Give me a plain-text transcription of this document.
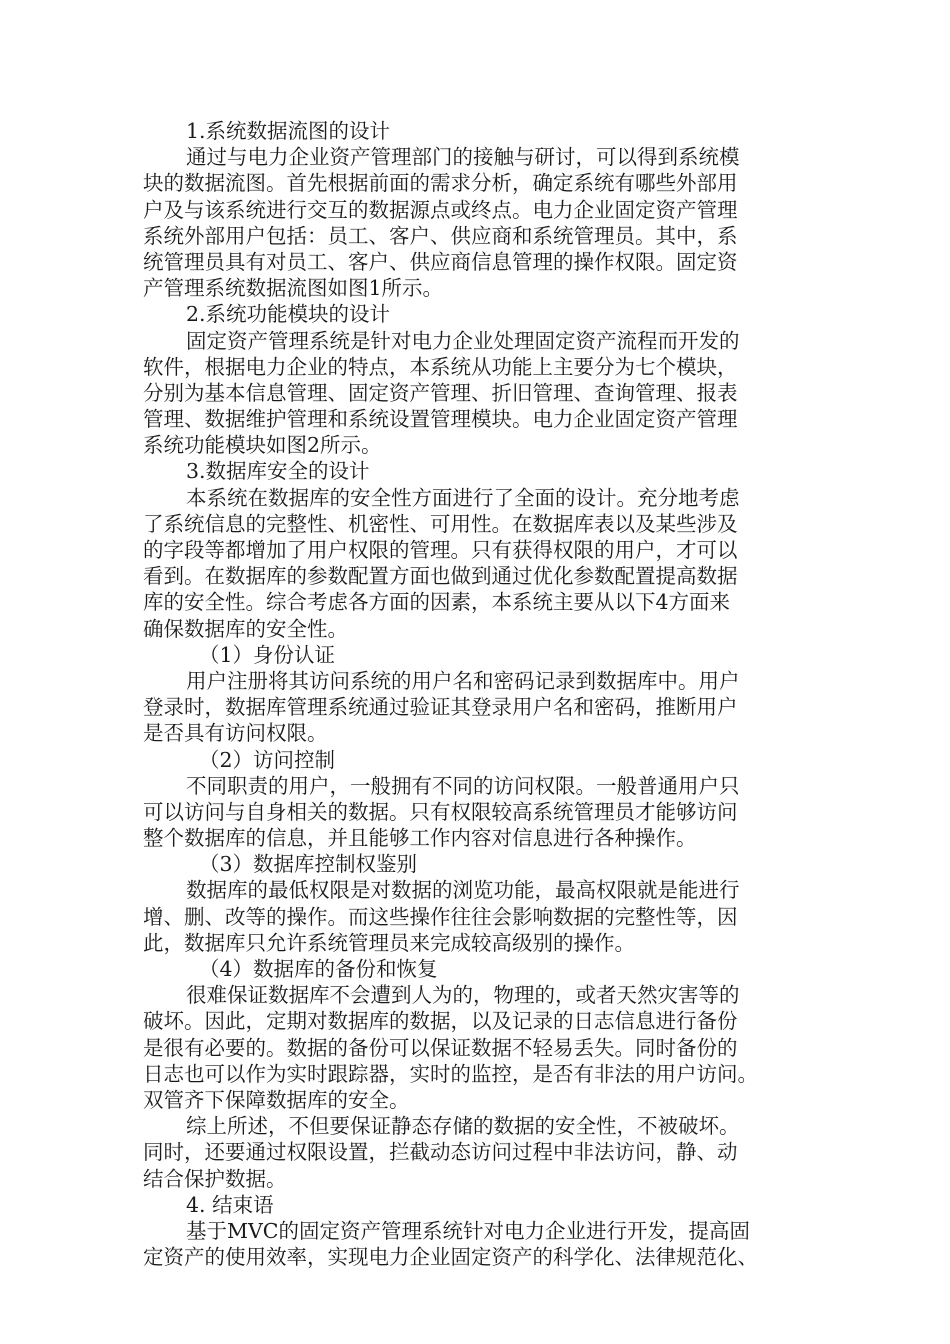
1.系统数据流图的设计
通过与电力企业资产管理部门的接触与研讨，可以得到系统模
块的数据流图。首先根据前面的需求分析，确定系统有哪些外部用
户及与该系统进行交互的数据源点或终点。电力企业固定资产管理
系统外部用户包括：员工、客户、供应商和系统管理员。其中，系
统管理员具有对员工、客户、供应商信息管理的操作权限。固定资
产管理系统数据流图如图1所示。
2.系统功能模块的设计
固定资产管理系统是针对电力企业处理固定资产流程而开发的
软件，根据电力企业的特点，本系统从功能上主要分为七个模块，
分别为基本信息管理、固定资产管理、折旧管理、查询管理、报表
管理、数据维护管理和系统设置管理模块。电力企业固定资产管理
系统功能模块如图2所示。
3.数据库安全的设计
本系统在数据库的安全性方面进行了全面的设计。充分地考虑
了系统信息的完整性、机密性、可用性。在数据库表以及某些涉及
的字段等都增加了用户权限的管理。只有获得权限的用户，才可以
看到。在数据库的参数配置方面也做到通过优化参数配置提高数据
库的安全性。综合考虑各方面的因素，本系统主要从以下4方面来
确保数据库的安全性。
（1）身份认证
用户注册将其访问系统的用户名和密码记录到数据库中。用户
登录时，数据库管理系统通过验证其登录用户名和密码，推断用户
是否具有访问权限。
（2）访问控制
不同职责的用户，一般拥有不同的访问权限。一般普通用户只
可以访问与自身相关的数据。只有权限较高系统管理员才能够访问
整个数据库的信息，并且能够工作内容对信息进行各种操作。
（3）数据库控制权鉴别
数据库的最低权限是对数据的浏览功能，最高权限就是能进行
增、删、改等的操作。而这些操作往往会影响数据的完整性等，因
此，数据库只允许系统管理员来完成较高级别的操作。
（4）数据库的备份和恢复
很难保证数据库不会遭到人为的，物理的，或者天然灾害等的
破坏。因此，定期对数据库的数据，以及记录的日志信息进行备份
是很有必要的。数据的备份可以保证数据不轻易丢失。同时备份的
日志也可以作为实时跟踪器，实时的监控，是否有非法的用户访问。
双管齐下保障数据库的安全。
综上所述，不但要保证静态存储的数据的安全性，不被破坏。
同时，还要通过权限设置，拦截动态访问过程中非法访问，静、动
结合保护数据。
4. 结束语
基于MVC的固定资产管理系统针对电力企业进行开发，提高固
定资产的使用效率，实现电力企业固定资产的科学化、法律规范化、
